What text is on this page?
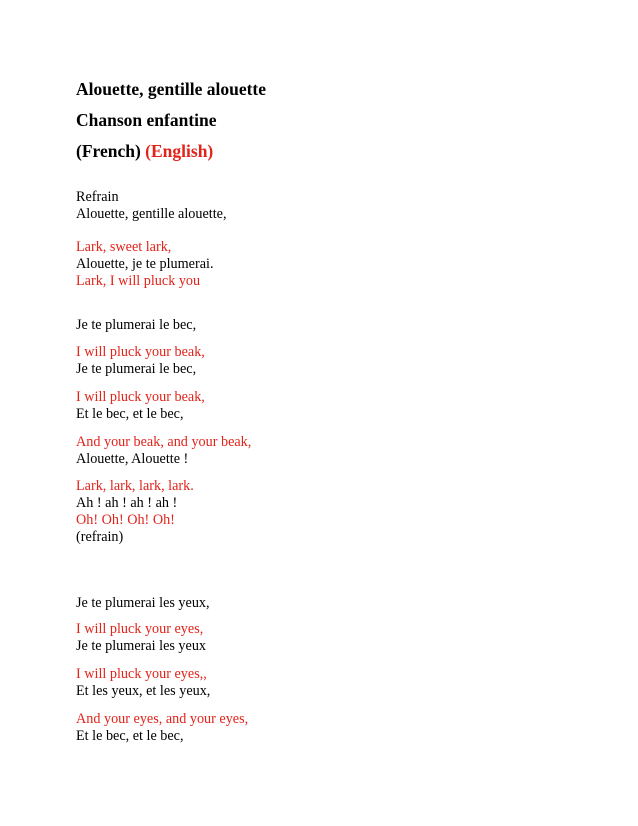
Alouette, gentille alouette
Chanson enfantine
(French) (English)
Refrain
Alouette, gentille alouette,
Lark, sweet lark,
Alouette, je te plumerai.
Lark, I will pluck you
Je te plumerai le bec,
I will pluck your beak,
Je te plumerai le bec,
I will pluck your beak,
Et le bec, et le bec,
And your beak, and your beak,
Alouette, Alouette !
Lark, lark, lark, lark.
Ah ! ah ! ah ! ah !
Oh! Oh! Oh! Oh!
(refrain)
Je te plumerai les yeux,
I will pluck your eyes,
Je te plumerai les yeux
I will pluck your eyes,,
Et les yeux, et les yeux,
And your eyes, and your eyes,
Et le bec, et le bec,
